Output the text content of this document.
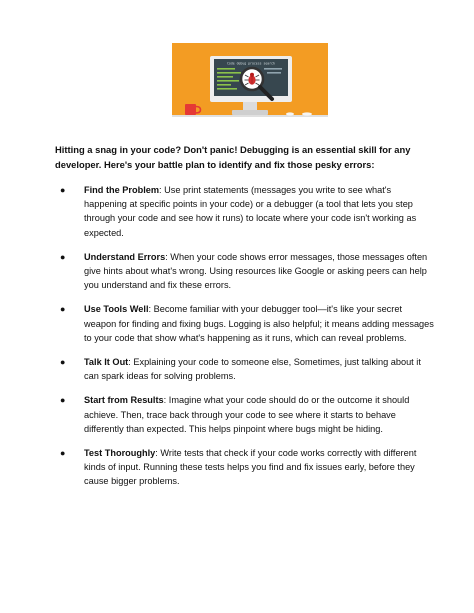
Code debug process search

Hitting a snag in your code? Don't panic! Debugging is an essential skill for any developer. Here's your battle plan to identify and fix those pesky errors:

● Find the Problem: Use print statements (messages you write to see what's happening at specific points in your code) or a debugger (a tool that lets you step through your code and see how it runs) to locate where your code isn't working as expected.
● Understand Errors: When your code shows error messages, those messages often give hints about what's wrong. Using resources like Google or asking peers can help you understand and fix these errors.
● Use Tools Well: Become familiar with your debugger tool—it's like your secret weapon for finding and fixing bugs. Logging is also helpful; it means adding messages to your code that show what's happening as it runs, which can reveal problems.
● Talk It Out: Explaining your code to someone else, Sometimes, just talking about it can spark ideas for solving problems.
● Start from Results: Imagine what your code should do or the outcome it should achieve. Then, trace back through your code to see where it starts to behave differently than expected. This helps pinpoint where bugs might be hiding.
● Test Thoroughly: Write tests that check if your code works correctly with different kinds of input. Running these tests helps you find and fix issues early, before they cause bigger problems.
